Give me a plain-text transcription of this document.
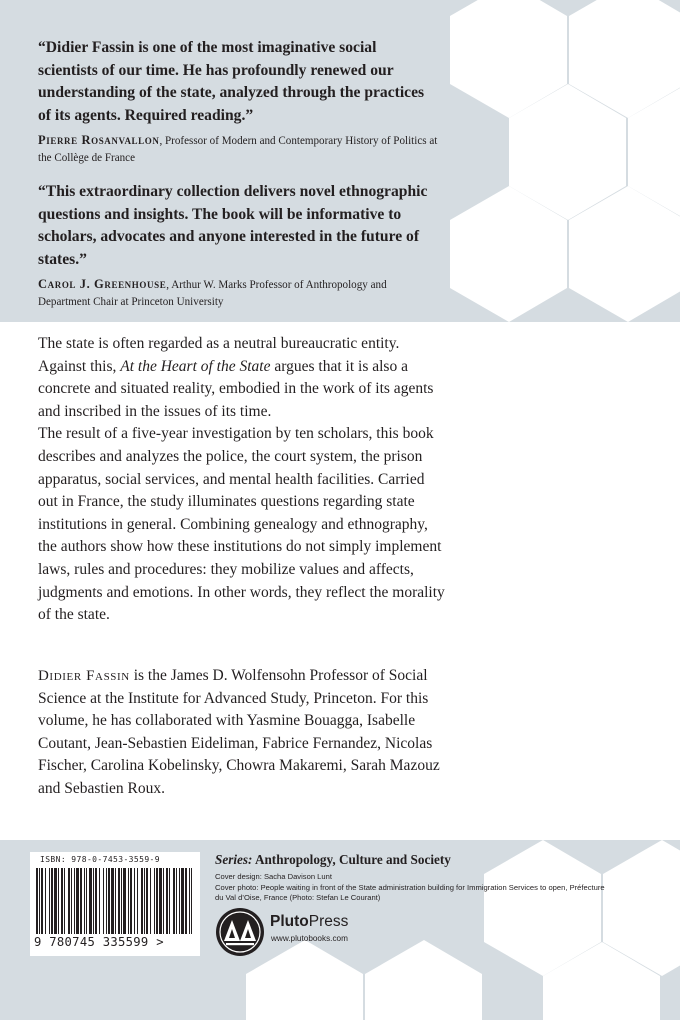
“Didier Fassin is one of the most imaginative social scientists of our time. He has profoundly renewed our understanding of the state, analyzed through the practices of its agents. Required reading.”
Pierre Rosanvallon, Professor of Modern and Contemporary History of Politics at the Collège de France
“This extraordinary collection delivers novel ethnographic questions and insights. The book will be informative to scholars, advocates and anyone interested in the future of states.”
Carol J. Greenhouse, Arthur W. Marks Professor of Anthropology and Department Chair at Princeton University

The state is often regarded as a neutral bureaucratic entity. Against this, At the Heart of the State argues that it is also a concrete and situated reality, embodied in the work of its agents and inscribed in the issues of its time.

The result of a five-year investigation by ten scholars, this book describes and analyzes the police, the court system, the prison apparatus, social services, and mental health facilities. Carried out in France, the study illuminates questions regarding state institutions in general. Combining genealogy and ethnography, the authors show how these institutions do not simply implement laws, rules and procedures: they mobilize values and affects, judgments and emotions. In other words, they reflect the morality of the state.

Didier Fassin is the James D. Wolfensohn Professor of Social Science at the Institute for Advanced Study, Princeton. For this volume, he has collaborated with Yasmine Bouagga, Isabelle Coutant, Jean-Sebastien Eideliman, Fabrice Fernandez, Nicolas Fischer, Carolina Kobelinsky, Chowra Makaremi, Sarah Mazouz and Sebastien Roux.

ISBN: 978-0-7453-3559-9
9 780745 335599 >
Series: Anthropology, Culture and Society
Cover design: Sacha Davison Lunt
Cover photo: People waiting in front of the State administration building for Immigration Services to open, Préfecture du Val d’Oise, France (Photo: Stefan Le Courant)
PlutoPress
www.plutobooks.com
